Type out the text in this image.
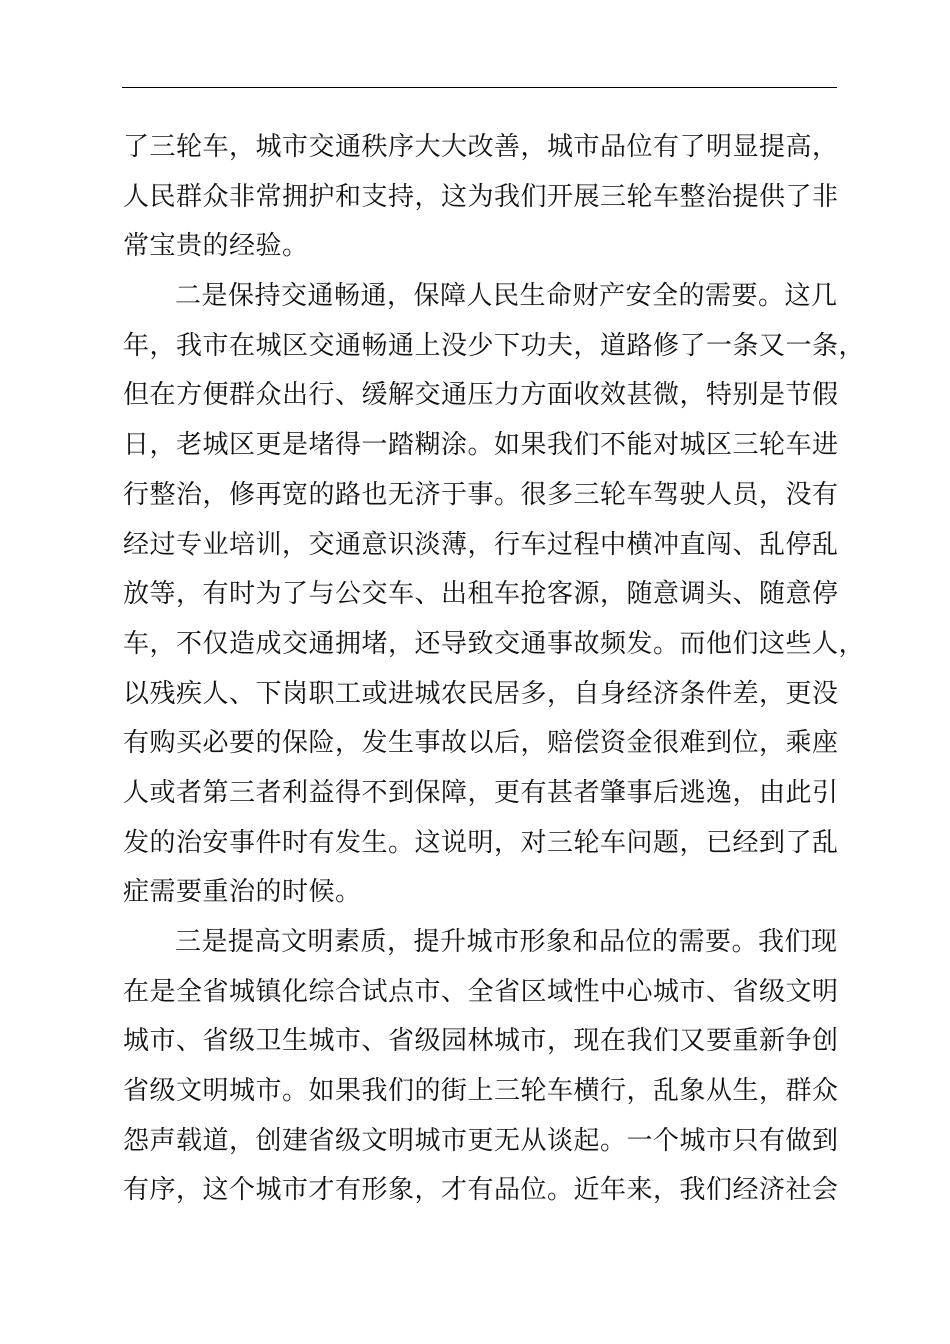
了三轮车，城市交通秩序大大改善，城市品位有了明显提高，
人民群众非常拥护和支持，这为我们开展三轮车整治提供了非
常宝贵的经验。
二是保持交通畅通，保障人民生命财产安全的需要。这几
年，我市在城区交通畅通上没少下功夫，道路修了一条又一条，
但在方便群众出行、缓解交通压力方面收效甚微，特别是节假
日，老城区更是堵得一踏糊涂。如果我们不能对城区三轮车进
行整治，修再宽的路也无济于事。很多三轮车驾驶人员，没有
经过专业培训，交通意识淡薄，行车过程中横冲直闯、乱停乱
放等，有时为了与公交车、出租车抢客源，随意调头、随意停
车，不仅造成交通拥堵，还导致交通事故频发。而他们这些人，
以残疾人、下岗职工或进城农民居多，自身经济条件差，更没
有购买必要的保险，发生事故以后，赔偿资金很难到位，乘座
人或者第三者利益得不到保障，更有甚者肇事后逃逸，由此引
发的治安事件时有发生。这说明，对三轮车问题，已经到了乱
症需要重治的时候。
三是提高文明素质，提升城市形象和品位的需要。我们现
在是全省城镇化综合试点市、全省区域性中心城市、省级文明
城市、省级卫生城市、省级园林城市，现在我们又要重新争创
省级文明城市。如果我们的街上三轮车横行，乱象从生，群众
怨声载道，创建省级文明城市更无从谈起。一个城市只有做到
有序，这个城市才有形象，才有品位。近年来，我们经济社会
